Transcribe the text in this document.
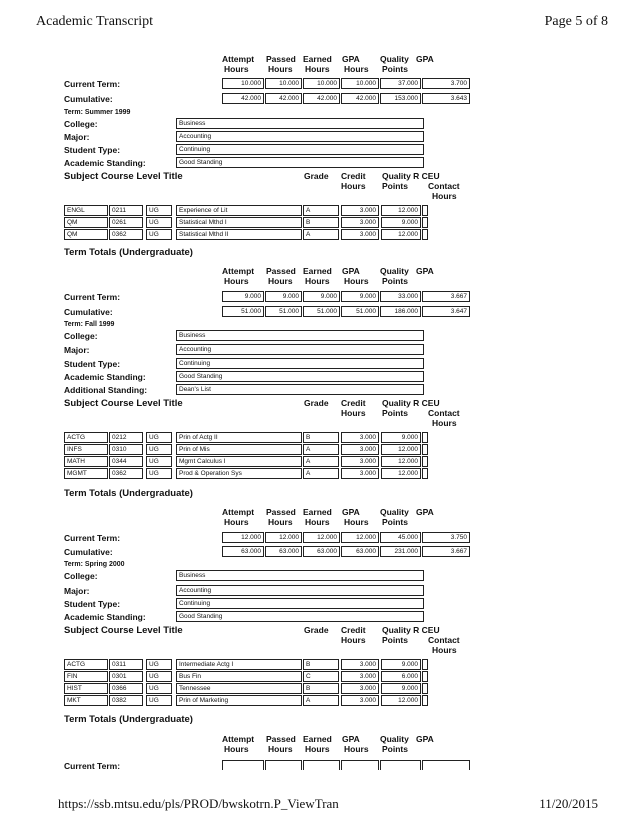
Academic Transcript	Page 5 of 8
https://ssb.mtsu.edu/pls/PROD/bwskotrn.P_ViewTran	11/20/2015
Attempt Passed Earned GPA Quality GPA
Hours Hours Hours Hours Points
Current Term:	10.000	10.000	10.000	10.000	37.000	3.700
Cumulative:	42.000	42.000	42.000	42.000	153.000	3.643
Term: Summer 1999
College:	Business
Major:	Accounting
Student Type:	Continuing
Academic Standing:	Good Standing
Subject Course Level Title	Grade Credit
Hours
Quality R CEU
Points Contact
Hours
ENGL	0211	UG	Experience of Lit	A	3.000	12.000
QM	0261	UG	Statistical Mthd I	B	3.000	9.000
QM	0362	UG	Statistical Mthd II	A	3.000	12.000
Term Totals (Undergraduate)
Attempt Passed Earned GPA Quality GPA
Hours Hours Hours Hours Points
Current Term:	9.000	9.000	9.000	9.000	33.000	3.667
Cumulative:	51.000	51.000	51.000	51.000	186.000	3.647
Term: Fall 1999
College:	Business
Major:	Accounting
Student Type:	Continuing
Academic Standing:	Good Standing
Additional Standing:	Dean's List
Subject Course Level Title	Grade Credit
Hours
Quality R CEU
Points Contact
Hours
ACTG	0212	UG	Prin of Actg II	B	3.000	9.000
INFS	0310	UG	Prin of Mis	A	3.000	12.000
MATH	0344	UG	Mgmt Calculus I	A	3.000	12.000
MGMT	0362	UG	Prod & Operation Sys	A	3.000	12.000
Term Totals (Undergraduate)
Attempt Passed Earned GPA Quality GPA
Hours Hours Hours Hours Points
Current Term:	12.000	12.000	12.000	12.000	45.000	3.750
Cumulative:	63.000	63.000	63.000	63.000	231.000	3.667
Term: Spring 2000
College:	Business
Major:	Accounting
Student Type:	Continuing
Academic Standing:	Good Standing
Subject Course Level Title	Grade Credit
Hours
Quality R CEU
Points Contact
Hours
ACTG	0311	UG	Intermediate Actg I	B	3.000	9.000
FIN	0301	UG	Bus Fin	C	3.000	6.000
HIST	0366	UG	Tennessee	B	3.000	9.000
MKT	0382	UG	Prin of Marketing	A	3.000	12.000
Term Totals (Undergraduate)
Attempt Passed Earned GPA Quality GPA
Hours Hours Hours Hours Points
Current Term:
